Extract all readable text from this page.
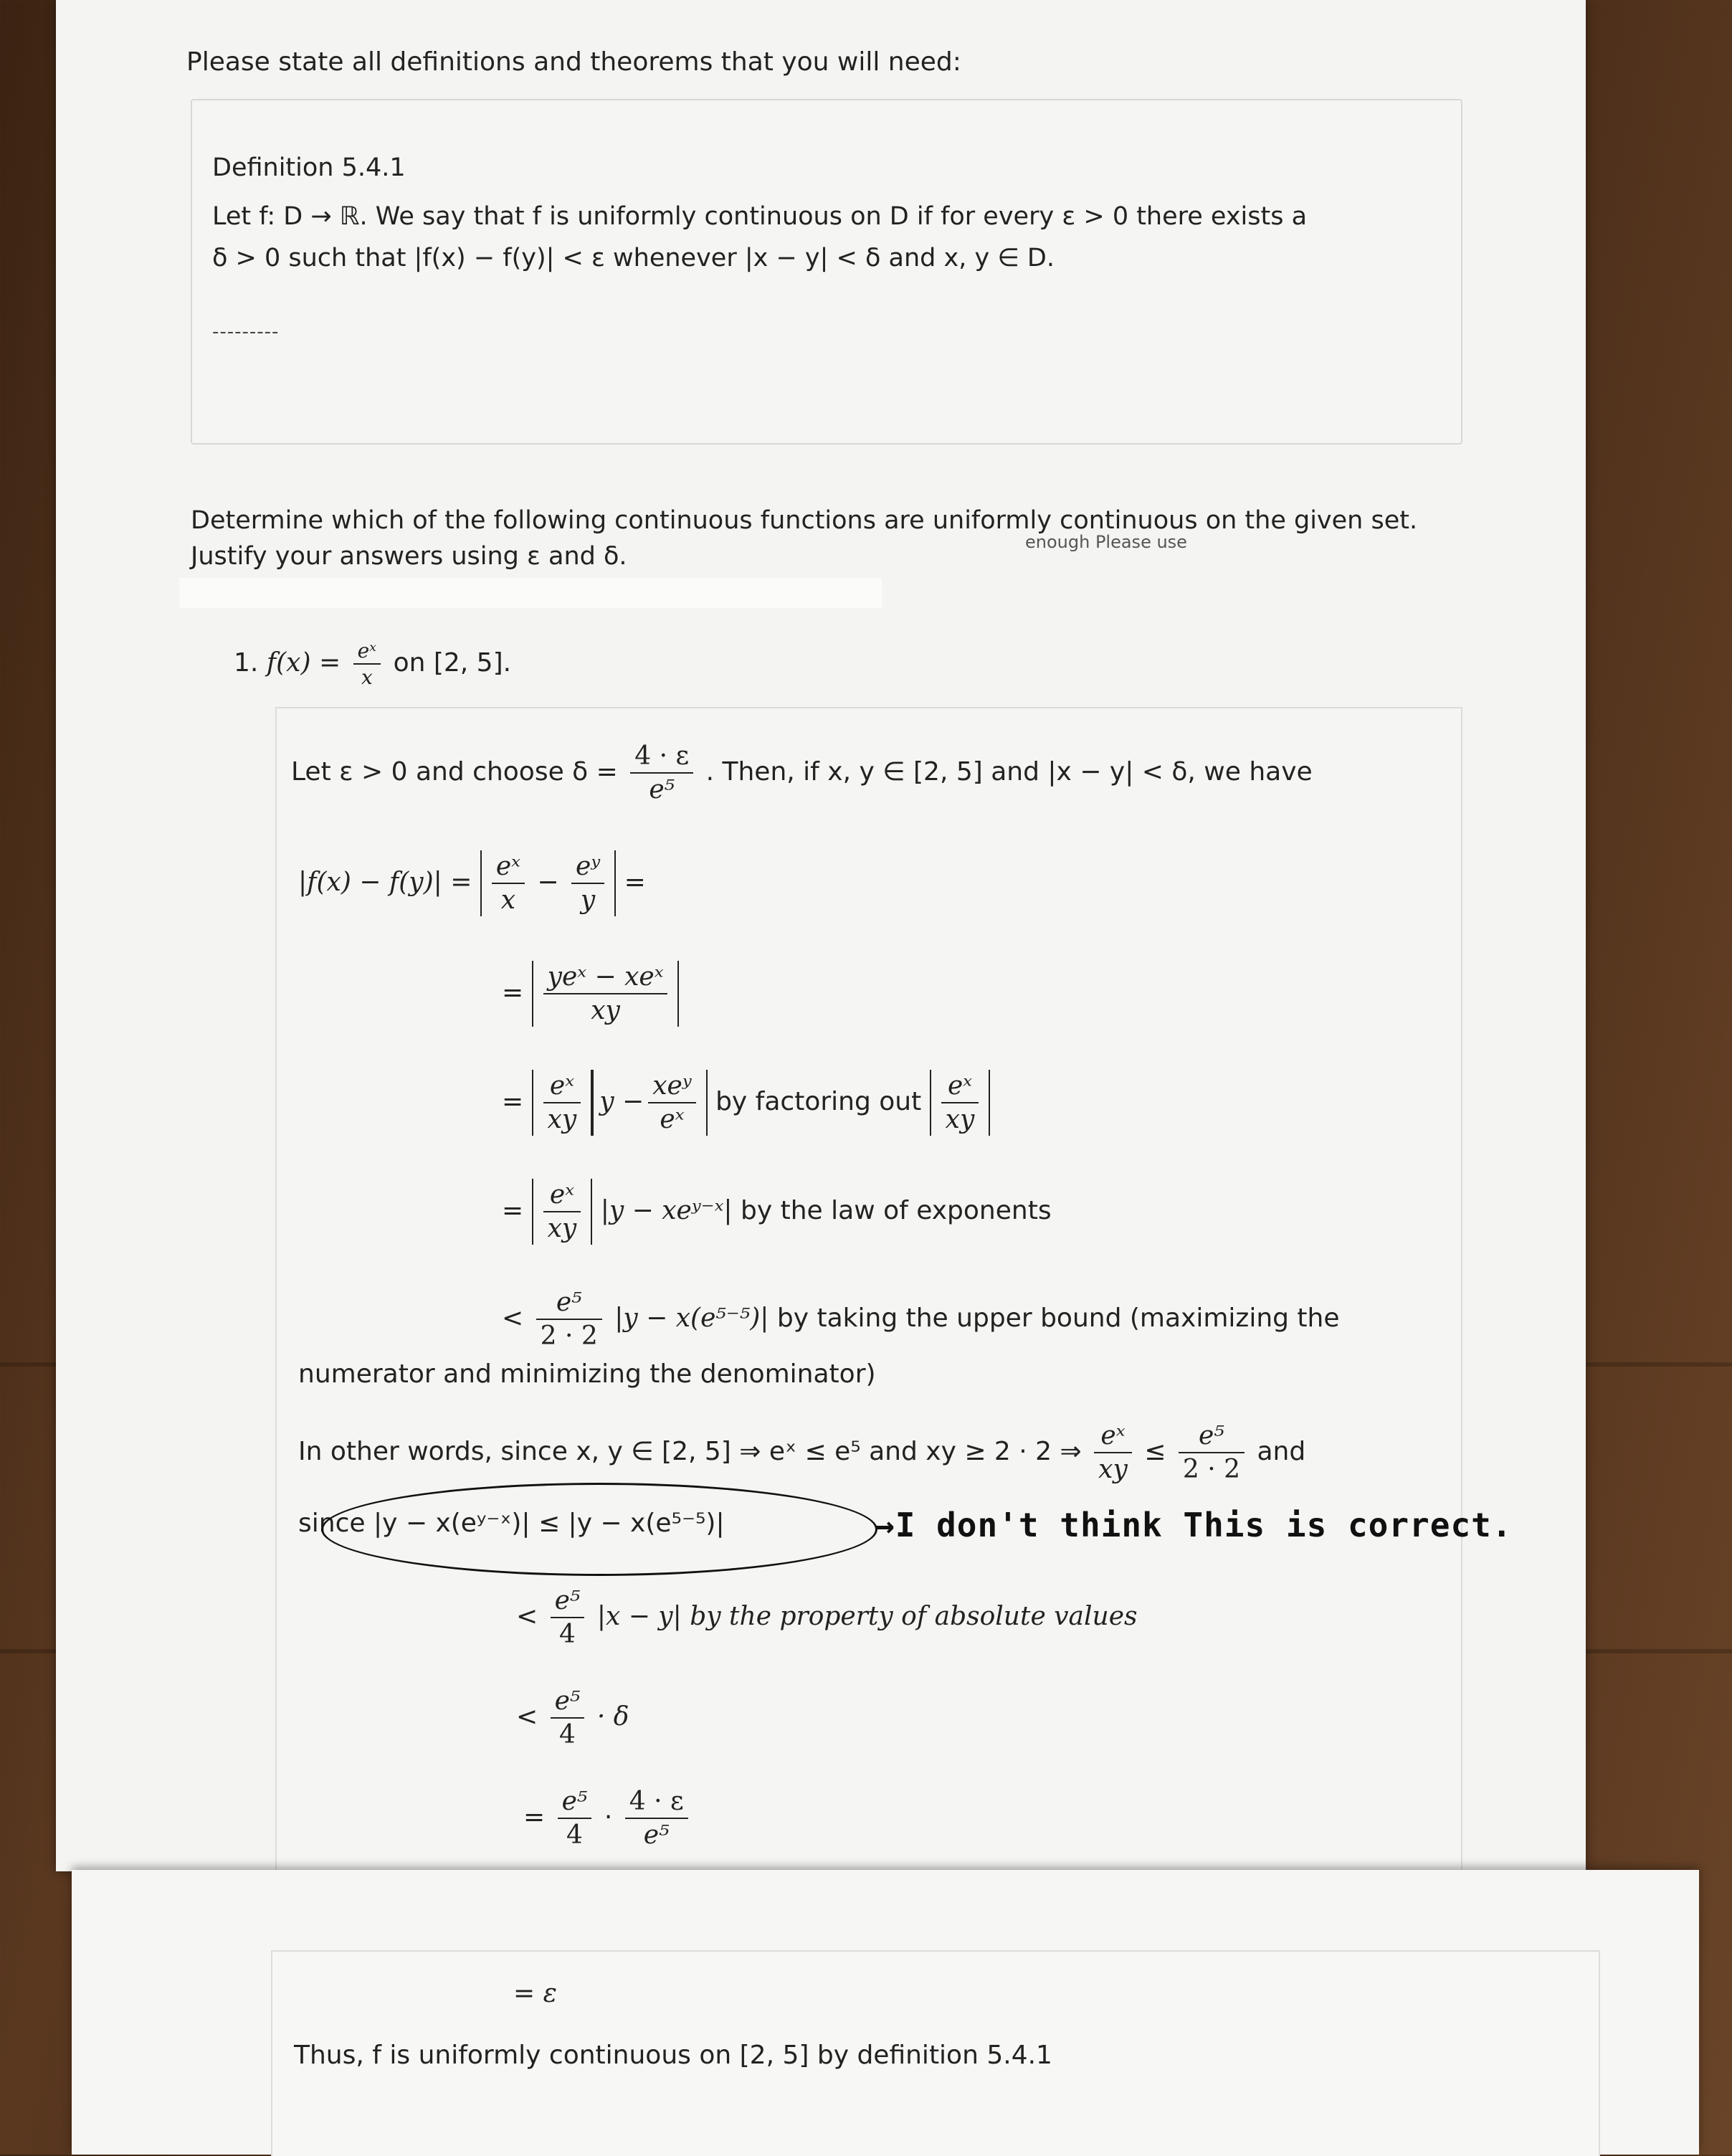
Please state all definitions and theorems that you will need:
Definition 5.4.1
Let f: D → ℝ. We say that f is uniformly continuous on D if for every ε > 0 there exists a
δ > 0 such that |f(x) − f(y)| < ε whenever |x − y| < δ and x, y ∈ D.
---------
Determine which of the following continuous functions are uniformly continuous on the given set.
Justify your answers using ε and δ.	enough Please use
1. $f(x) = \frac{\text{eˣ}}{x}$ on [2, 5].
Let ε > 0 and choose $\delta = \frac{4 \cdot \varepsilon}{\text{e⁵}}$ . Then, if x, y ∈ [2, 5] and |x − y| < δ, we have
$|f(x) - f(y)| = \frac{\text{eˣ}}{x} - \frac{\text{eʸ}}{y}$ =
= $\frac{\text{yeˣ − xeˣ}}{xy}$
= $\frac{\text{eˣ}}{xy}$ $y - \frac{\text{xeʸ}}{\text{eˣ}}$ by factoring out $\frac{\text{eˣ}}{xy}$
= $\frac{\text{eˣ}}{xy} |y$ − xeʸ⁻ˣ| by the law of exponents
< $\frac{\text{e⁵}}{2 \cdot 2} |y - x(e^{5-5})|$ by taking the upper bound (maximizing the
numerator and minimizing the denominator)
In other words, since x, y ∈ [2, 5] ⇒ eˣ ≤ e⁵ and xy ≥ 2 · 2 ⇒ $\frac{\text{eˣ}}{xy} \le \frac{\text{e⁵}}{2 \cdot 2}$ and
since |y − x(eʸ⁻ˣ)| ≤ |y − x(e⁵⁻⁵)|	→I don't think This is correct.
< $\frac{\text{e⁵}}{4} |x - y|$ by the property of absolute values
< $\frac{\text{e⁵}}{4} \cdot \delta$
= $\frac{\text{e⁵}}{4} \cdot \frac{4 \cdot \varepsilon}{\text{e⁵}}$
= ε
Thus, f is uniformly continuous on [2, 5] by definition 5.4.1
